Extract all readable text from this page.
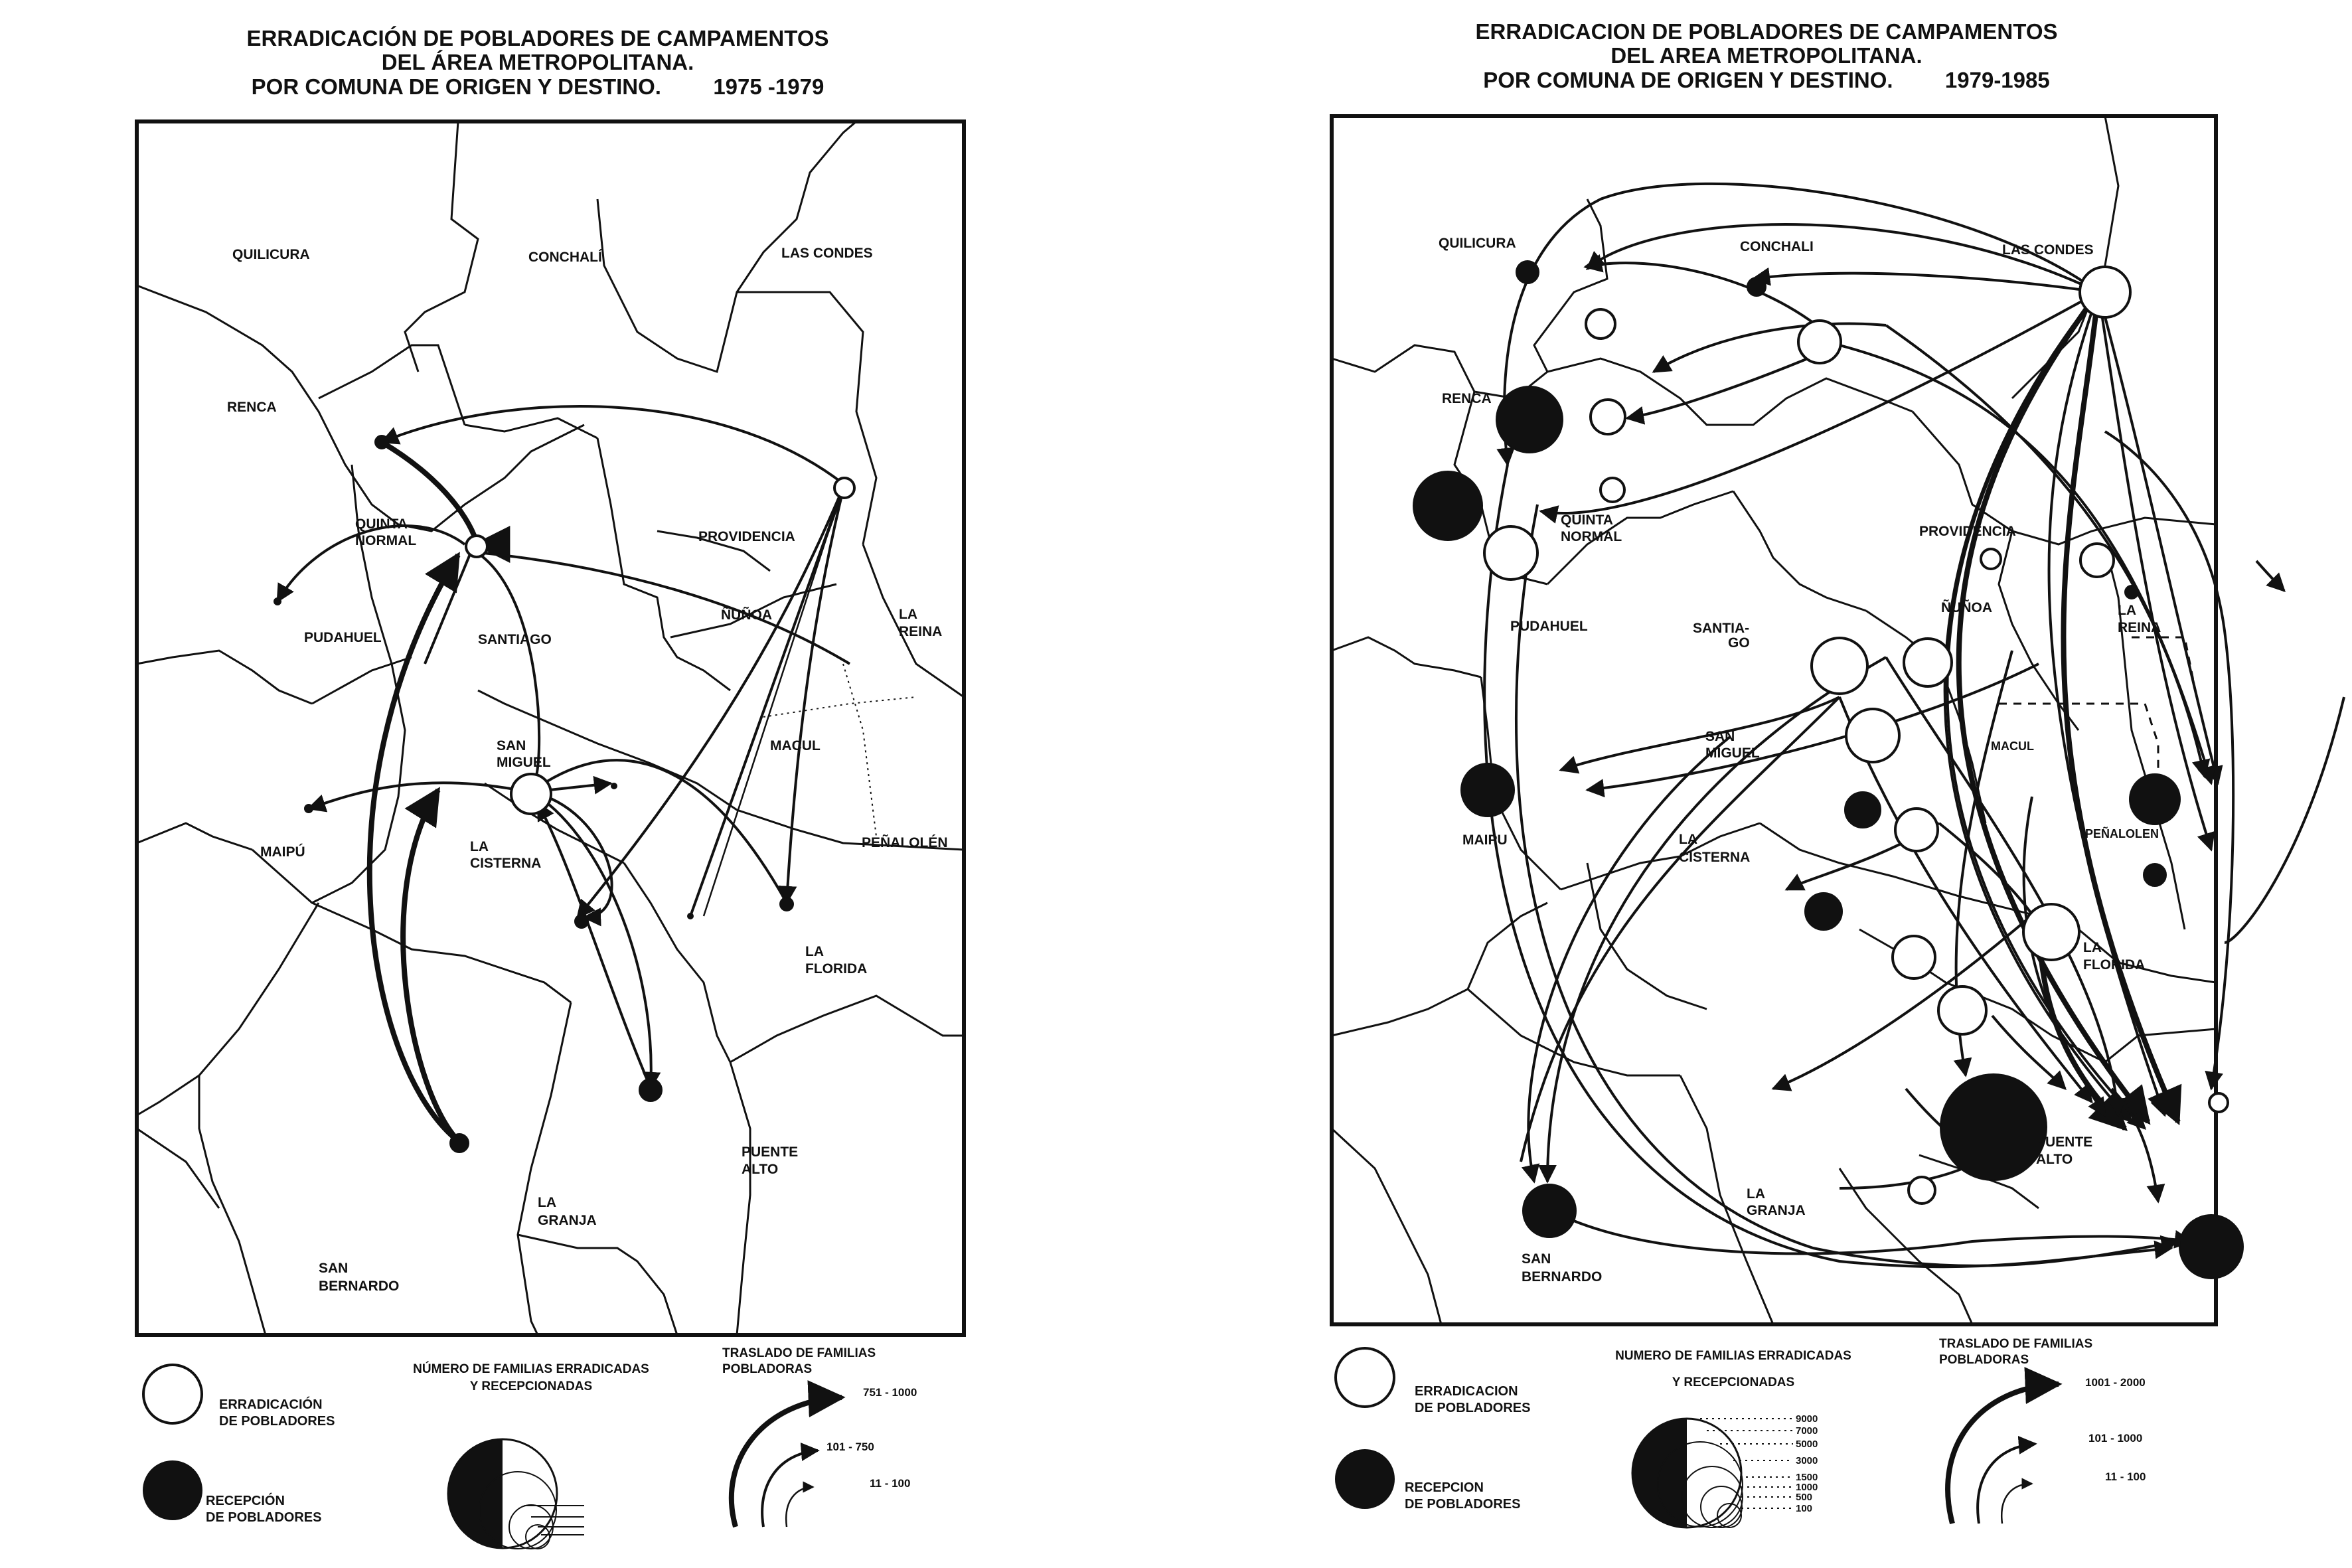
ERRADICACIÓN DE POBLADORES DE CAMPAMENTOS
DEL ÁREA METROPOLITANA.
POR COMUNA DE ORIGEN Y DESTINO. 1975 -1979
QUILICURA	CONCHALÍ	LAS CONDES
RENCA
QUINTA
NORMAL	PROVIDENCIA
PUDAHUEL	SANTIAGO
ÑUÑOA	LA
REINA
SAN
MIGUEL
MACUL
MAIPÚ	LA
CISTERNA
PEÑALOLÉN
LA
FLORIDA
PUENTE
ALTO
LA
GRANJA
SAN
BERNARDO
ERRADICACIÓN
DE POBLADORES
RECEPCIÓN
DE POBLADORES
NÚMERO DE FAMILIAS ERRADICADAS
Y RECEPCIONADAS
TRASLADO DE FAMILIAS
POBLADORAS
751 - 1000
101 - 750
11 - 100
ERRADICACION DE POBLADORES DE CAMPAMENTOS
DEL AREA METROPOLITANA.
POR COMUNA DE ORIGEN Y DESTINO. 1979-1985
QUILICURA	CONCHALI	LAS CONDES
RENCA
QUINTA
NORMAL	PROVIDENCIA
PUDAHUEL	SANTIA-
GO
ÑUÑOA	LA
REINA
SAN
MIGUEL	MACUL
MAIPU	LA
CISTERNA
PEÑALOLEN
LA
FLORIDA
PUENTE
ALTO
LA
GRANJA
SAN
BERNARDO
ERRADICACION
DE POBLADORES
RECEPCION
DE POBLADORES
NUMERO DE FAMILIAS ERRADICADAS
Y RECEPCIONADAS
9000
7000
5000
3000
1500
1000
500
100
TRASLADO DE FAMILIAS
POBLADORAS
1001 - 2000
101 - 1000
11 - 100
